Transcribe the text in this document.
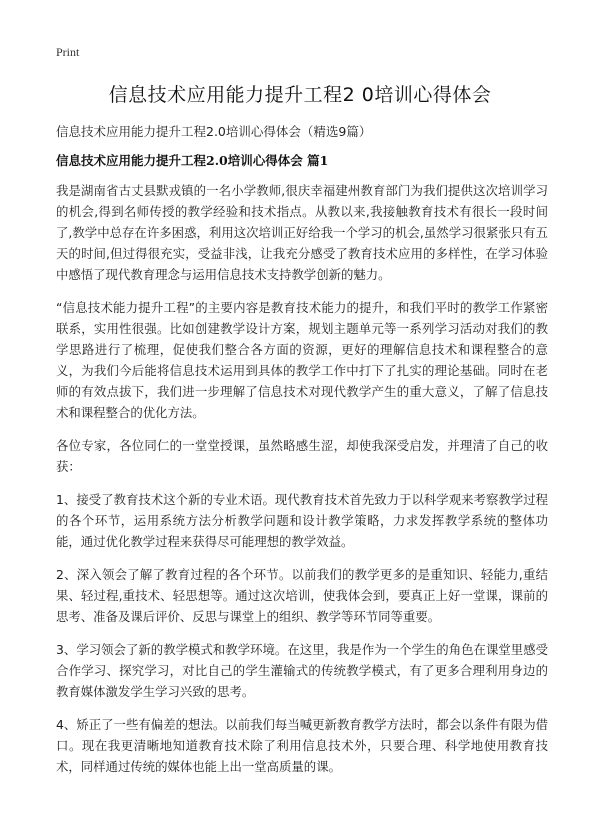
Print
信息技术应用能力提升工程2 0培训心得体会
信息技术应用能力提升工程2.0培训心得体会（精选9篇）
信息技术应用能力提升工程2.0培训心得体会 篇1

我是湖南省古丈县默戎镇的一名小学教师,很庆幸福建州教育部门为我们提供这次培训学习的机会,得到名师传授的教学经验和技术指点。从教以来,我接触教育技术有很长一段时间了,教学中总存在许多困惑，利用这次培训正好给我一个学习的机会,虽然学习很紧张只有五天的时间,但过得很充实，受益非浅，让我充分感受了教育技术应用的多样性，在学习体验中感悟了现代教育理念与运用信息技术支持教学创新的魅力。

“信息技术能力提升工程”的主要内容是教育技术能力的提升，和我们平时的教学工作紧密联系，实用性很强。比如创建教学设计方案，规划主题单元等一系列学习活动对我们的教学思路进行了梳理，促使我们整合各方面的资源，更好的理解信息技术和课程整合的意义，为我们今后能将信息技术运用到具体的教学工作中打下了扎实的理论基础。同时在老师的有效点拔下，我们进一步理解了信息技术对现代教学产生的重大意义，了解了信息技术和课程整合的优化方法。

各位专家，各位同仁的一堂堂授课，虽然略感生涩，却使我深受启发，并理清了自己的收获：

1、接受了教育技术这个新的专业术语。现代教育技术首先致力于以科学观来考察教学过程的各个环节，运用系统方法分析教学问题和设计教学策略，力求发挥教学系统的整体功能，通过优化教学过程来获得尽可能理想的教学效益。

2、深入领会了解了教育过程的各个环节。以前我们的教学更多的是重知识、轻能力,重结果、轻过程,重技术、轻思想等。通过这次培训，使我体会到，要真正上好一堂课，课前的思考、准备及课后评价、反思与课堂上的组织、教学等环节同等重要。

3、学习领会了新的教学模式和教学环境。在这里，我是作为一个学生的角色在课堂里感受合作学习、探究学习，对比自己的学生灌输式的传统教学模式，有了更多合理利用身边的教育媒体激发学生学习兴致的思考。

4、矫正了一些有偏差的想法。以前我们每当喊更新教育教学方法时，都会以条件有限为借口。现在我更清晰地知道教育技术除了利用信息技术外，只要合理、科学地使用教育技术，同样通过传统的媒体也能上出一堂高质量的课。
